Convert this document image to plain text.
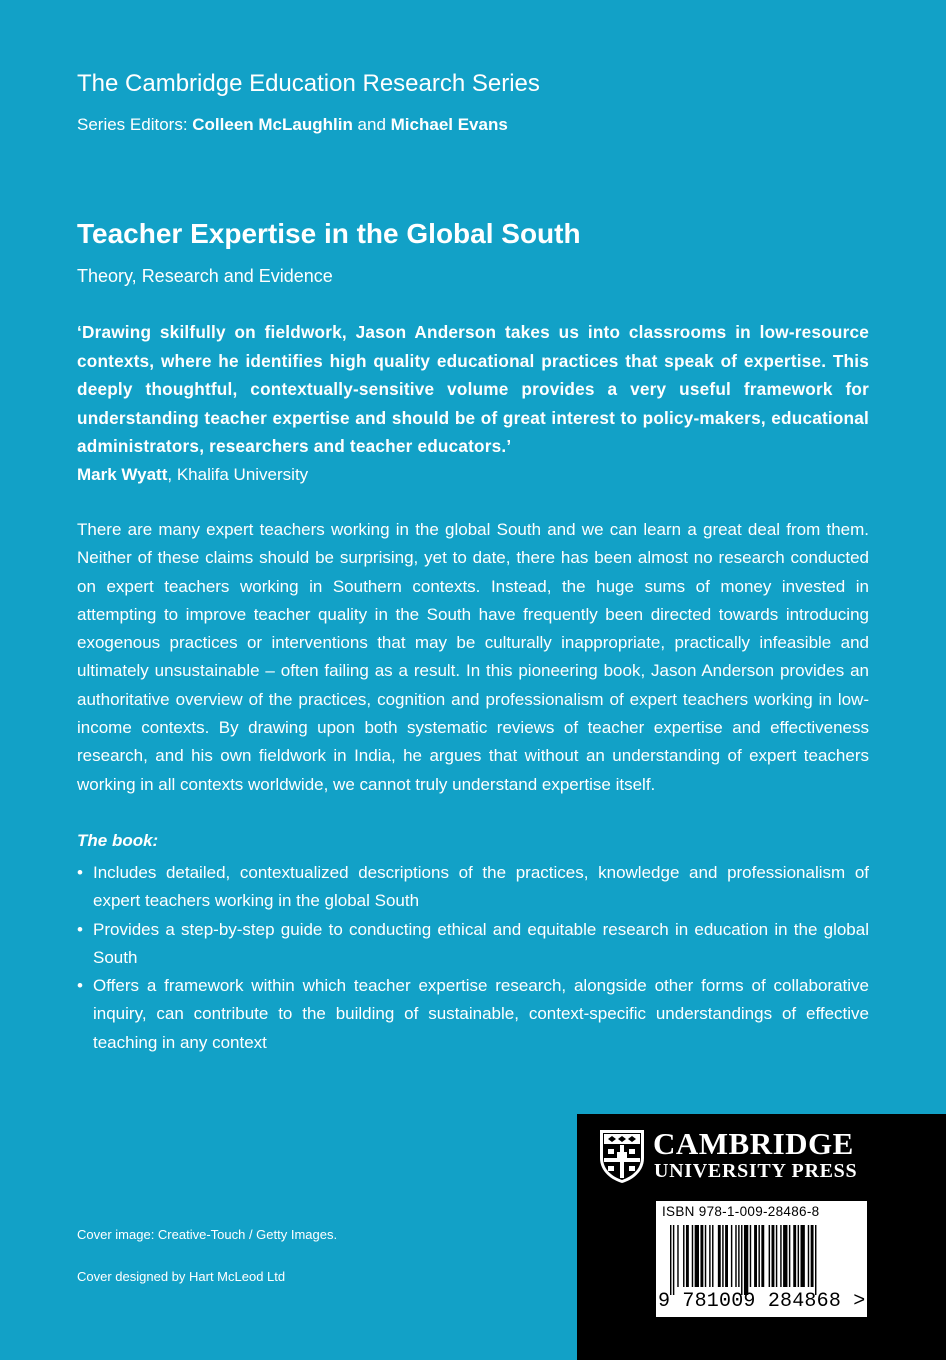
The Cambridge Education Research Series
Series Editors: Colleen McLaughlin and Michael Evans
Teacher Expertise in the Global South
Theory, Research and Evidence
‘Drawing skilfully on fieldwork, Jason Anderson takes us into classrooms in low-resource contexts, where he identifies high quality educational practices that speak of expertise. This deeply thoughtful, contextually-sensitive volume provides a very useful framework for understanding teacher expertise and should be of great interest to policy-makers, educational administrators, researchers and teacher educators.’
Mark Wyatt, Khalifa University
There are many expert teachers working in the global South and we can learn a great deal from them. Neither of these claims should be surprising, yet to date, there has been almost no research conducted on expert teachers working in Southern contexts. Instead, the huge sums of money invested in attempting to improve teacher quality in the South have frequently been directed towards introducing exogenous practices or interventions that may be culturally inappropriate, practically infeasible and ultimately unsustainable – often failing as a result. In this pioneering book, Jason Anderson provides an authoritative overview of the practices, cognition and professionalism of expert teachers working in low-income contexts. By drawing upon both systematic reviews of teacher expertise and effectiveness research, and his own fieldwork in India, he argues that without an understanding of expert teachers working in all contexts worldwide, we cannot truly understand expertise itself.
The book:
• Includes detailed, contextualized descriptions of the practices, knowledge and professionalism of expert teachers working in the global South
• Provides a step-by-step guide to conducting ethical and equitable research in education in the global South
• Offers a framework within which teacher expertise research, alongside other forms of collaborative inquiry, can contribute to the building of sustainable, context-specific understandings of effective teaching in any context
Cover image: Creative-Touch / Getty Images.
Cover designed by Hart McLeod Ltd
CAMBRIDGE
UNIVERSITY PRESS
ISBN 978-1-009-28486-8
9 781009 284868 >
